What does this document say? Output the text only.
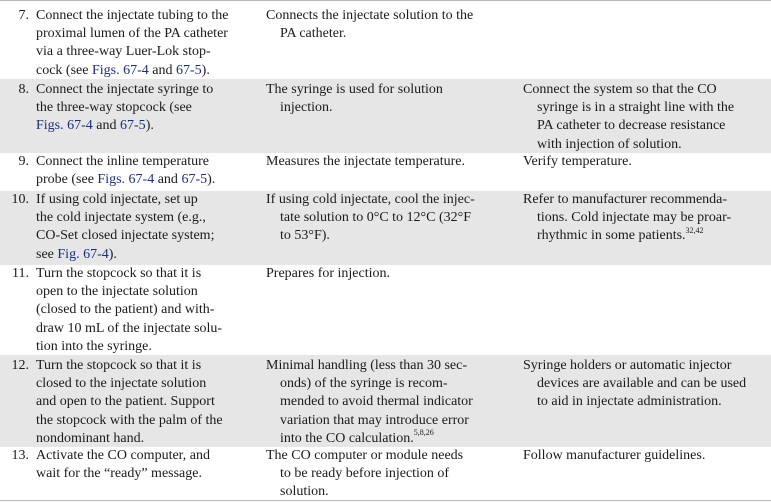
7. Connect the injectate tubing to the
proximal lumen of the PA catheter
via a three-way Luer-Lok stop-
cock (see Figs. 67-4 and 67-5).
Connects the injectate solution to the
PA catheter.
8. Connect the injectate syringe to
the three-way stopcock (see
Figs. 67-4 and 67-5).
The syringe is used for solution
injection.
Connect the system so that the CO
syringe is in a straight line with the
PA catheter to decrease resistance
with injection of solution.
9. Connect the inline temperature
probe (see Figs. 67-4 and 67-5).
Measures the injectate temperature.	Verify temperature.
10. If using cold injectate, set up
the cold injectate system (e.g.,
CO-Set closed injectate system;
see Fig. 67-4).
If using cold injectate, cool the injec-
tate solution to 0°C to 12°C (32°F
to 53°F).
Refer to manufacturer recommenda-
tions. Cold injectate may be proar-
rhythmic in some patients.$^{32,42}$
11. Turn the stopcock so that it is
open to the injectate solution
(closed to the patient) and with-
draw 10 mL of the injectate solu-
tion into the syringe.
Prepares for injection.
12. Turn the stopcock so that it is
closed to the injectate solution
and open to the patient. Support
the stopcock with the palm of the
nondominant hand.
Minimal handling (less than 30 sec-
onds) of the syringe is recom-
mended to avoid thermal indicator
variation that may introduce error
into the CO calculation.$^{5,8,26}$
Syringe holders or automatic injector
devices are available and can be used
to aid in injectate administration.
13. Activate the CO computer, and
wait for the “ready” message.
The CO computer or module needs
to be ready before injection of
solution.
Follow manufacturer guidelines.
